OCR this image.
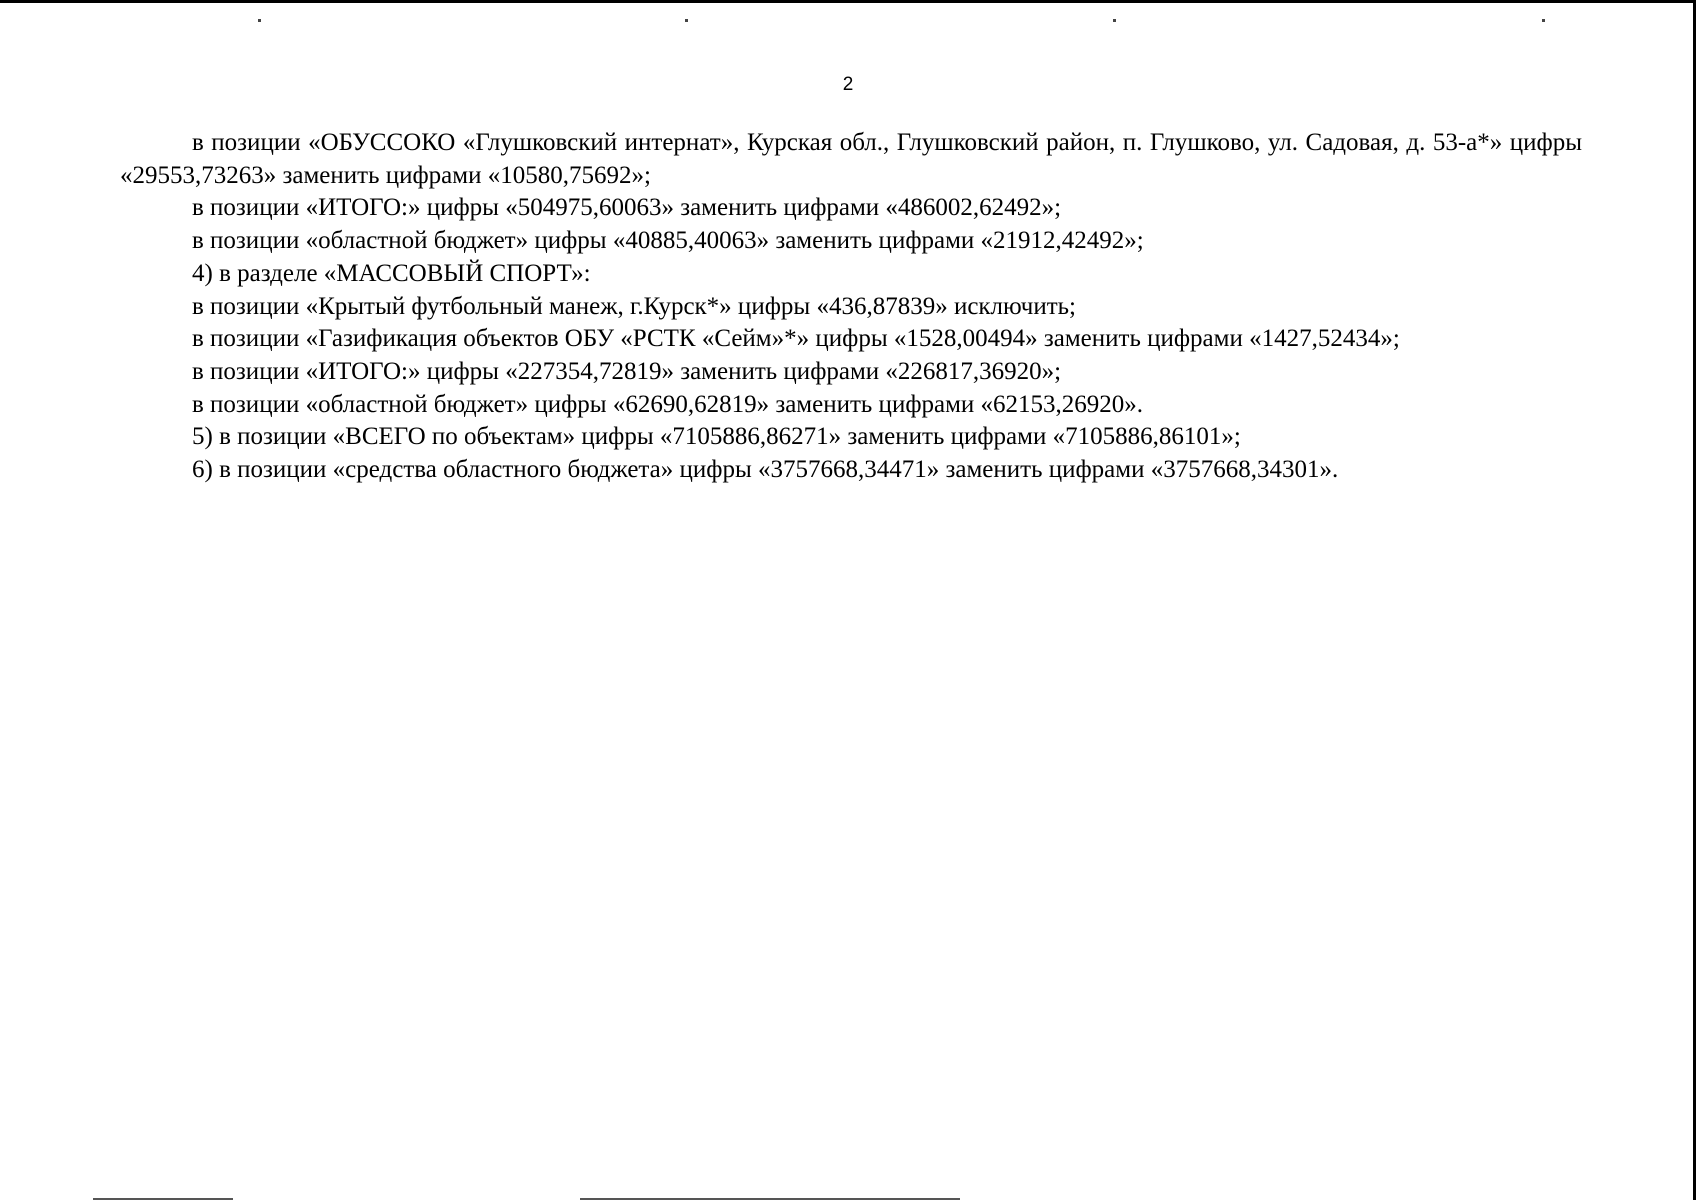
2

в позиции «ОБУССОКО «Глушковский интернат», Курская обл., Глушковский район, п. Глушково, ул. Садовая, д. 53-а*» цифры «29553,73263» заменить цифрами «10580,75692»;

в позиции «ИТОГО:» цифры «504975,60063» заменить цифрами «486002,62492»;

в позиции «областной бюджет» цифры «40885,40063» заменить цифрами «21912,42492»;

4) в разделе «МАССОВЫЙ СПОРТ»:

в позиции «Крытый футбольный манеж, г.Курск*» цифры «436,87839» исключить;

в позиции «Газификация объектов ОБУ «РСТК «Сейм»*» цифры «1528,00494» заменить цифрами «1427,52434»;

в позиции «ИТОГО:» цифры «227354,72819» заменить цифрами «226817,36920»;

в позиции «областной бюджет» цифры «62690,62819» заменить цифрами «62153,26920».

5) в позиции «ВСЕГО по объектам» цифры «7105886,86271» заменить цифрами «7105886,86101»;

6) в позиции «средства областного бюджета» цифры «3757668,34471» заменить цифрами «3757668,34301».
